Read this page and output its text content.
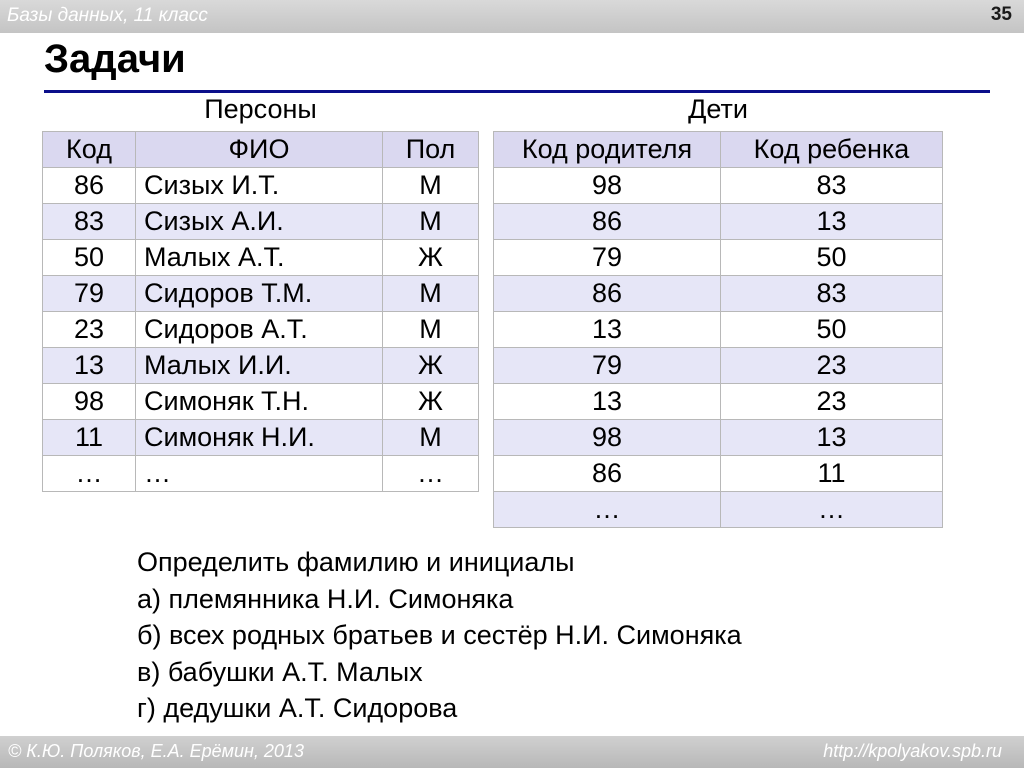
Базы данных, 11 класс	35
Задачи
Персоны
Код	ФИО	Пол
86	Сизых И.Т.	М
83	Сизых А.И.	М
50	Малых А.Т.	Ж
79	Сидоров Т.М.	М
23	Сидоров А.Т.	М
13	Малых И.И.	Ж
98	Симоняк Т.Н.	Ж
11	Симоняк Н.И.	М
…	…	…
Дети
Код родителя	Код ребенка
98	83
86	13
79	50
86	83
13	50
79	23
13	23
98	13
86	11
…	…
Определить фамилию и инициалы
а) племянника Н.И. Симоняка
б) всех родных братьев и сестёр Н.И. Симоняка
в) бабушки А.Т. Малых
г) дедушки А.Т. Сидорова
© К.Ю. Поляков, Е.А. Ерёмин, 2013	http://kpolyakov.spb.ru
